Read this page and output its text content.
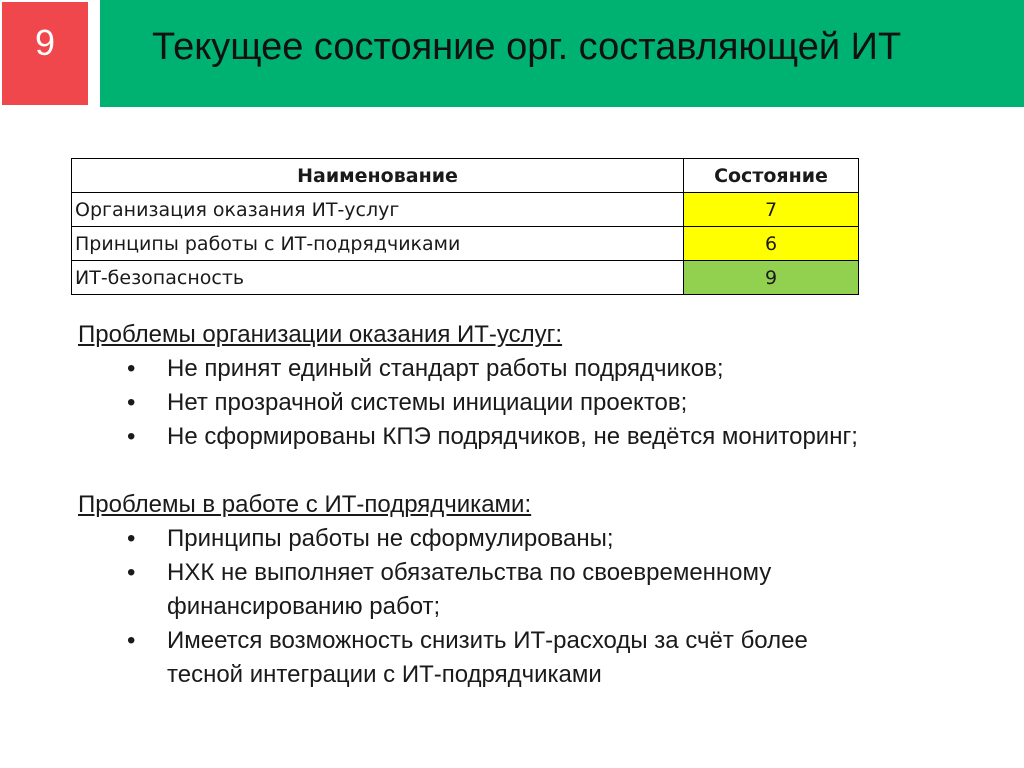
9	Текущее состояние орг. составляющей ИТ
Наименование	Состояние
Организация оказания ИТ-услуг	7
Принципы работы с ИТ-подрядчиками	6
ИТ-безопасность	9

Проблемы организации оказания ИТ-услуг:

• Не принят единый стандарт работы подрядчиков;
• Нет прозрачной системы инициации проектов;
• Не сформированы КПЭ подрядчиков, не ведётся мониторинг;

Проблемы в работе с ИТ-подрядчиками:

• Принципы работы не сформулированы;
• НХК не выполняет обязательства по своевременному финансированию работ;
• Имеется возможность снизить ИТ-расходы за счёт более тесной интеграции с ИТ-подрядчиками
